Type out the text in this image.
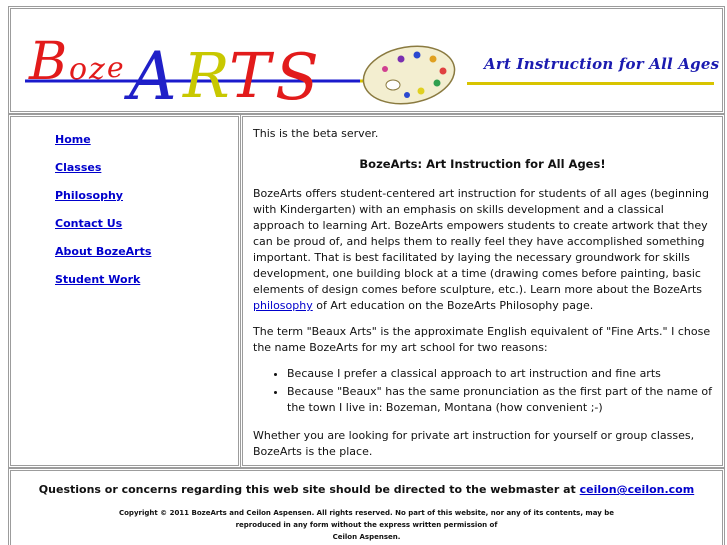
B o z e A R T S	Art Instruction for All Ages
Home
Classes
Philosophy
Contact Us
About BozeArts
Student Work

This is the beta server.

BozeArts: Art Instruction for All Ages!

BozeArts offers student-centered art instruction for students of all ages (beginning with Kindergarten) with an emphasis on skills development and a classical approach to learning Art. BozeArts empowers students to create artwork that they can be proud of, and helps them to really feel they have accomplished something important. That is best facilitated by laying the necessary groundwork for skills development, one building block at a time (drawing comes before painting, basic elements of design comes before sculpture, etc.). Learn more about the BozeArts philosophy of Art education on the BozeArts Philosophy page.

The term "Beaux Arts" is the approximate English equivalent of "Fine Arts." I chose the name BozeArts for my art school for two reasons:

• Because I prefer a classical approach to art instruction and fine arts
• Because "Beaux" has the same pronunciation as the first part of the name of the town I live in: Bozeman, Montana (how convenient ;-)

Whether you are looking for private art instruction for yourself or group classes, BozeArts is the place.

Questions or concerns regarding this web site should be directed to the webmaster at ceilon@ceilon.com
Copyright © 2011 BozeArts and Ceilon Aspensen. All rights reserved. No part of this website, nor any of its contents, may be
reproduced in any form without the express written permission of
Ceilon Aspensen.
